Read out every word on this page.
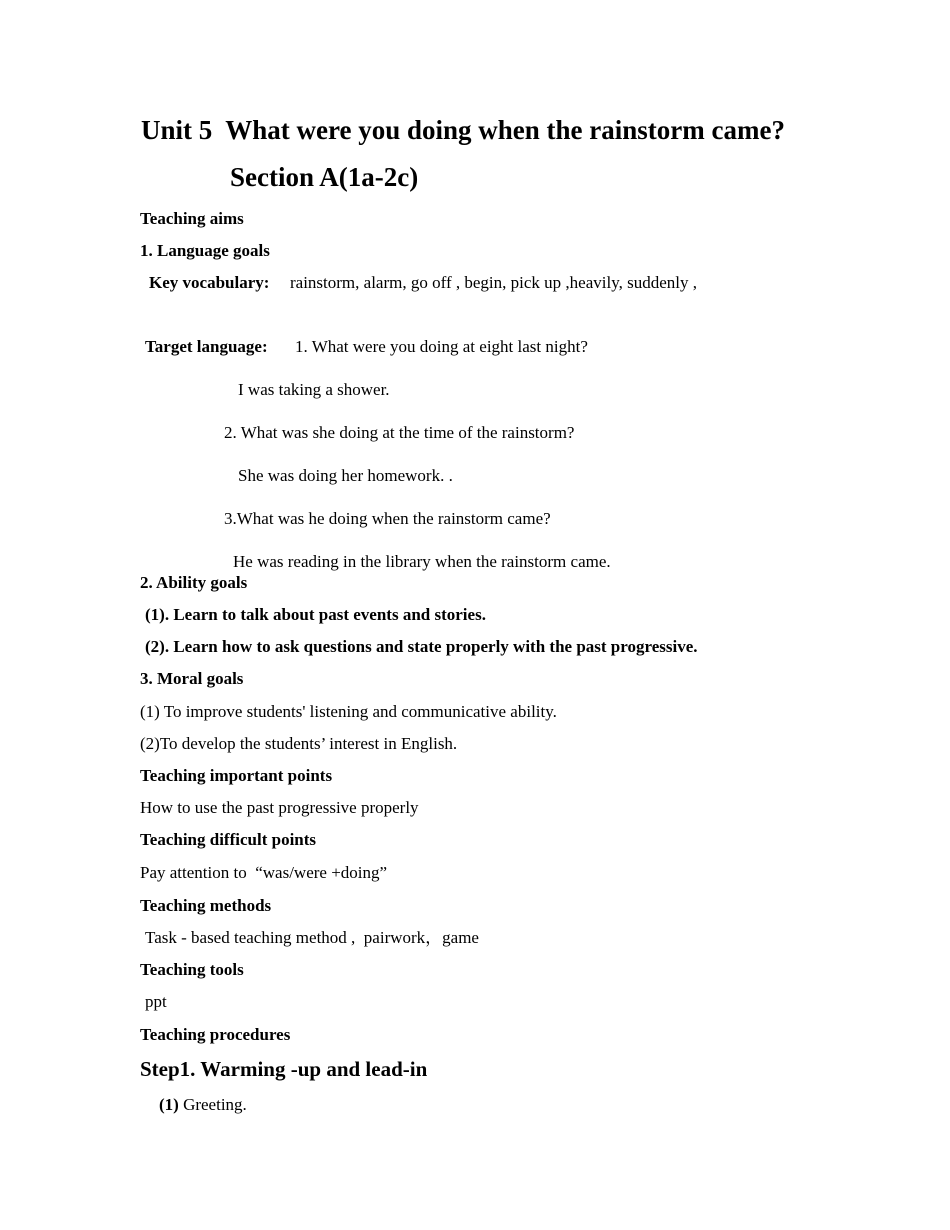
Unit 5  What were you doing when the rainstorm came?
Section A(1a-2c)
Teaching aims
1. Language goals
Key vocabulary: rainstorm, alarm, go off , begin, pick up ,heavily, suddenly ,
Target language: 1. What were you doing at eight last night?
I was taking a shower.
2. What was she doing at the time of the rainstorm?
She was doing her homework. .
3.What was he doing when the rainstorm came?
He was reading in the library when the rainstorm came.
2. Ability goals
(1). Learn to talk about past events and stories.
(2). Learn how to ask questions and state properly with the past progressive.
3. Moral goals
(1) To improve students' listening and communicative ability.
(2)To develop the students’ interest in English.
Teaching important points
How to use the past progressive properly
Teaching difficult points
Pay attention to  “was/were +doing”
Teaching methods
Task - based teaching method ,  pairwork，game
Teaching tools
ppt
Teaching procedures
Step1. Warming -up and lead-in
(1) Greeting.
